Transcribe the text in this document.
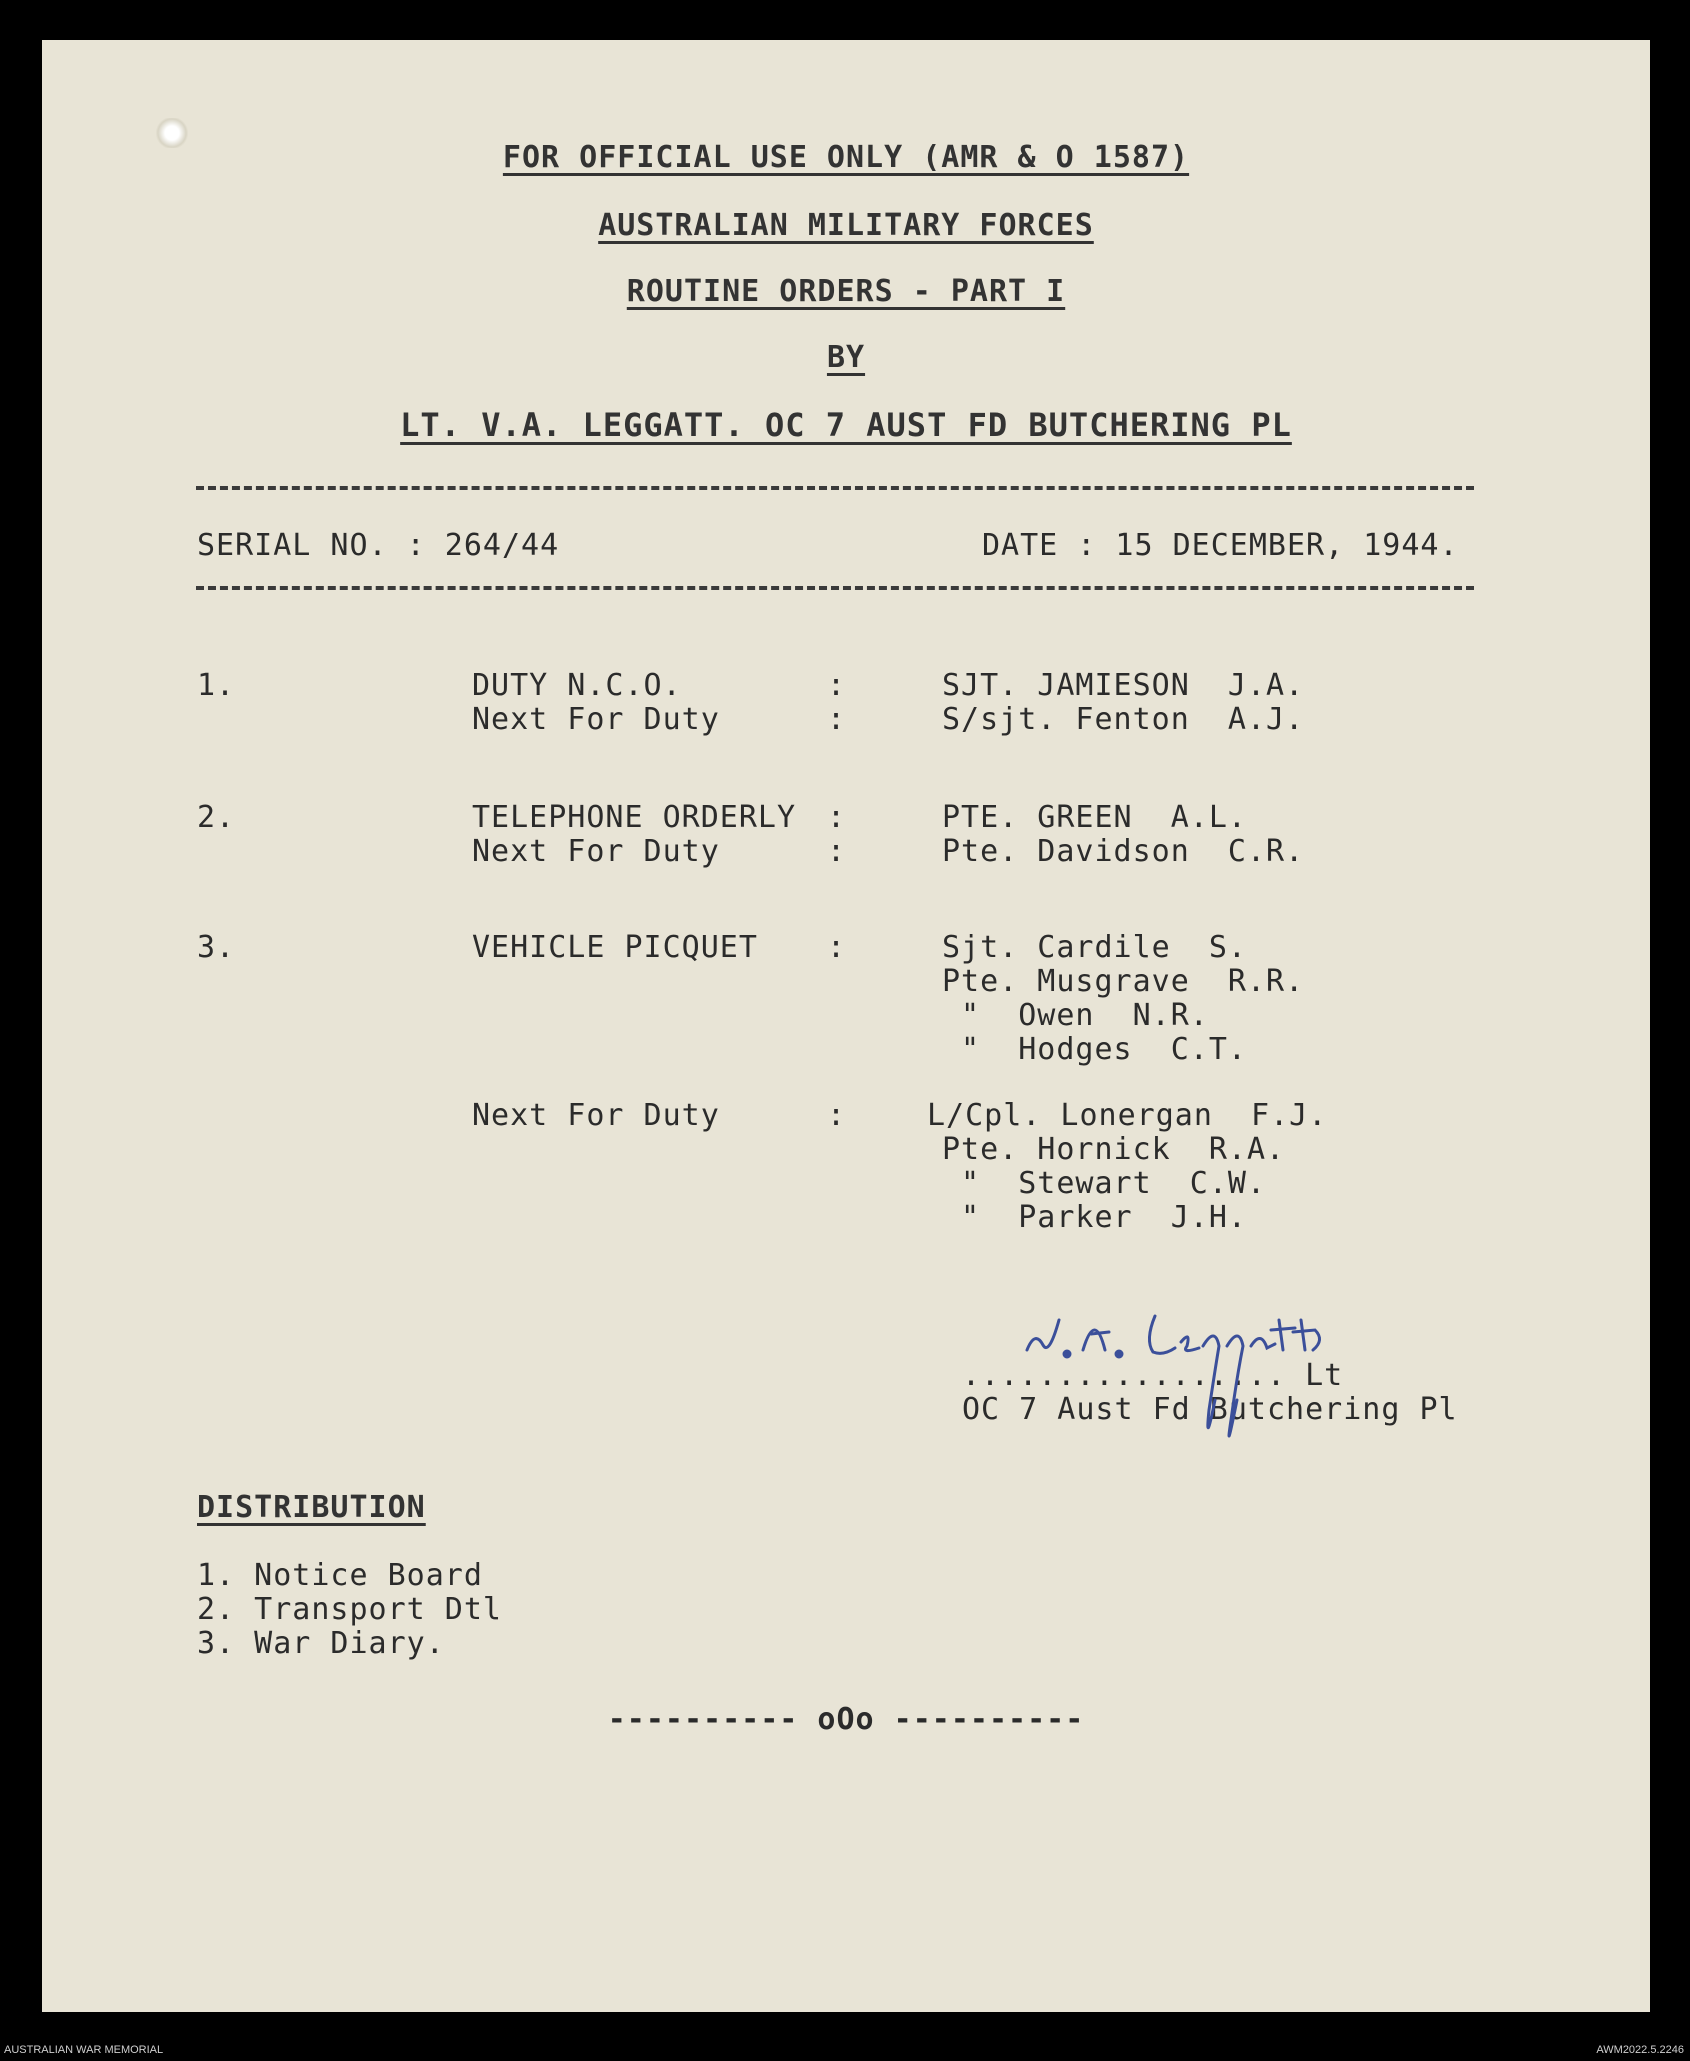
FOR OFFICIAL USE ONLY (AMR & O 1587)
AUSTRALIAN MILITARY FORCES
ROUTINE ORDERS - PART I
BY
LT. V.A. LEGGATT. OC 7 AUST FD BUTCHERING PL
SERIAL NO. : 264/44	DATE : 15 DECEMBER, 1944.
1.	DUTY N.C.O.	:	SJT. JAMIESON  J.A.
Next For Duty	:	S/sjt. Fenton  A.J.
2.	TELEPHONE ORDERLY :	PTE. GREEN  A.L.
Next For Duty	:	Pte. Davidson  C.R.
3.	VEHICLE PICQUET :	Sjt. Cardile  S.
Pte. Musgrave  R.R.
"  Owen  N.R.
"  Hodges  C.T.
Next For Duty	:	L/Cpl. Lonergan  F.J.
Pte. Hornick  R.A.
"  Stewart  C.W.
"  Parker  J.H.
................. Lt
OC 7 Aust Fd Butchering Pl
DISTRIBUTION
1. Notice Board
2. Transport Dtl
3. War Diary.
---------- oOo ----------
AUSTRALIAN WAR MEMORIAL	AWM2022.5.2246
